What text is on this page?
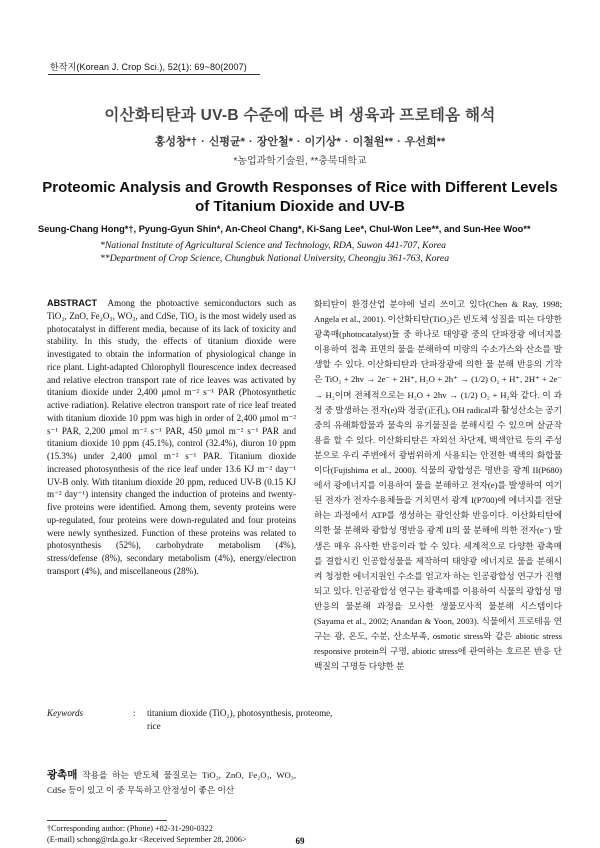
한작지(Korean J. Crop Sci.), 52(1): 69~80(2007)
이산화티탄과 UV-B 수준에 따른 벼 생육과 프로테옴 해석
홍성창*† · 신평균* · 장안철* · 이기상* · 이철원** · 우선희**
*농업과학기술원, **충북대학교
Proteomic Analysis and Growth Responses of Rice with Different Levels of Titanium Dioxide and UV-B
Seung-Chang Hong*†, Pyung-Gyun Shin*, An-Cheol Chang*, Ki-Sang Lee*, Chul-Won Lee**, and Sun-Hee Woo**
*National Institute of Agricultural Science and Technology, RDA, Suwon 441-707, Korea
**Department of Crop Science, Chungbuk National University, Cheongju 361-763, Korea

ABSTRACT Among the photoactive semiconductors such as TiO₂, ZnO, Fe₂O₃, WO₃, and CdSe, TiO₂ is the most widely used as photocatalyst in different media, because of its lack of toxicity and stability. In this study, the effects of titanium dioxide were investigated to obtain the information of physiological change in rice plant. Light-adapted Chlorophyll flourescence index decreased and relative electron transport rate of rice leaves was activated by titanium dioxide under 2,400 μmol m⁻² s⁻¹ PAR (Photosynthetic active radiation). Relative electron transport rate of rice leaf treated with titanium dioxide 10 ppm was high in order of 2,400 μmol m⁻² s⁻¹ PAR, 2,200 μmol m⁻² s⁻¹ PAR, 450 μmol m⁻² s⁻¹ PAR and titanium dioxide 10 ppm (45.1%), control (32.4%), diuron 10 ppm (15.3%) under 2,400 μmol m⁻² s⁻¹ PAR. Titanium dioxide increased photosynthesis of the rice leaf under 13.6 KJ m⁻² day⁻¹ UV-B only. With titanium dioxide 20 ppm, reduced UV-B (0.15 KJ m⁻² day⁻¹) intensity changed the induction of proteins and twenty-five proteins were identified. Among them, seventy proteins were up-regulated, four proteins were down-regulated and four proteins were newly synthesized. Function of these proteins was related to photosynthesis (52%), carbohydrate metabolism (4%), stress/defense (8%), secondary metabolism (4%), energy/electron transport (4%), and miscellaneous (28%).

Keywords	: titanium dioxide (TiO₂), photosynthesis, proteome, rice

광촉매 작용을 하는 반도체 물질로는 TiO₂, ZnO, Fe₂O₃, WO₃, CdSe 등이 있고 이 중 무독하고 안정성이 좋은 이산

†Corresponding author: (Phone) +82-31-290-0322
(E-mail) schong@rda.go.kr <Received September 28, 2006>

화티탄이 환경산업 분야에 널리 쓰이고 있다(Chen & Ray, 1998; Angela et al., 2001). 이산화티탄(TiO₂)은 빈도체 성질을 띠는 다양한 광촉매(photocatalyst)들 중 하나로 태양광 중의 단파장광 에너지를 이용하여 접촉 표면의 물을 분해하여 미량의 수소가스와 산소를 발생할 수 있다. 이산화티탄과 단파장광에 의한 물 분해 반응의 기작은 TiO₂ + 2hv → 2e⁻ + 2H⁺, H₂O + 2h⁺ → (1/2) O₂ + H⁺, 2H⁺ + 2e⁻ → H₂이며 전체적으로는 H₂O + 2hv → (1/2) O₂ + H₂와 같다. 이 과정 중 발생하는 전자(e)와 정공(正孔), OH radical과 활성산소는 공기중의 유해화합물과 물속의 유기물질을 분해시킬 수 있으며 살균작용을 할 수 있다. 이산화티탄은 자외선 차단제, 백색안료 등의 주성분으로 우리 주변에서 광범위하게 사용되는 안전한 백색의 화합물이다(Fujishima et al., 2000). 식물의 광합성은 명반응 광계 II(P680)에서 광에너지를 이용하여 물을 분해하고 전자(e)를 발생하여 여기된 전자가 전자수용체들을 거치면서 광계 I(P700)에 에너지를 전달하는 과정에서 ATP를 생성하는 광인산화 반응이다. 이산화티탄에 의한 물 분해와 광합성 명반응 광계 II의 물 분해에 의한 전자(e⁻) 발생은 매우 유사한 반응이라 할 수 있다. 세계적으로 다양한 광촉매를 결합시킨 인공합성물을 제작하여 태양광 에너지로 물을 분해시켜 청정한 에너지원인 수소를 얻고자 하는 인공광합성 연구가 진행되고 있다. 인공광합성 연구는 광촉매를 이용하여 식물의 광합성 명반응의 물분해 과정을 모사한 생물모사적 물분해 시스템이다(Sayama et al., 2002; Anandan & Yoon, 2003). 식물에서 프로테옴 연구는 광, 온도, 수분, 산소부족, osmotic stress와 같은 abiotic stress responsive protein의 구명, abiotic stress에 관여하는 호르몬 반응 단백질의 구명등 다양한 분

69
